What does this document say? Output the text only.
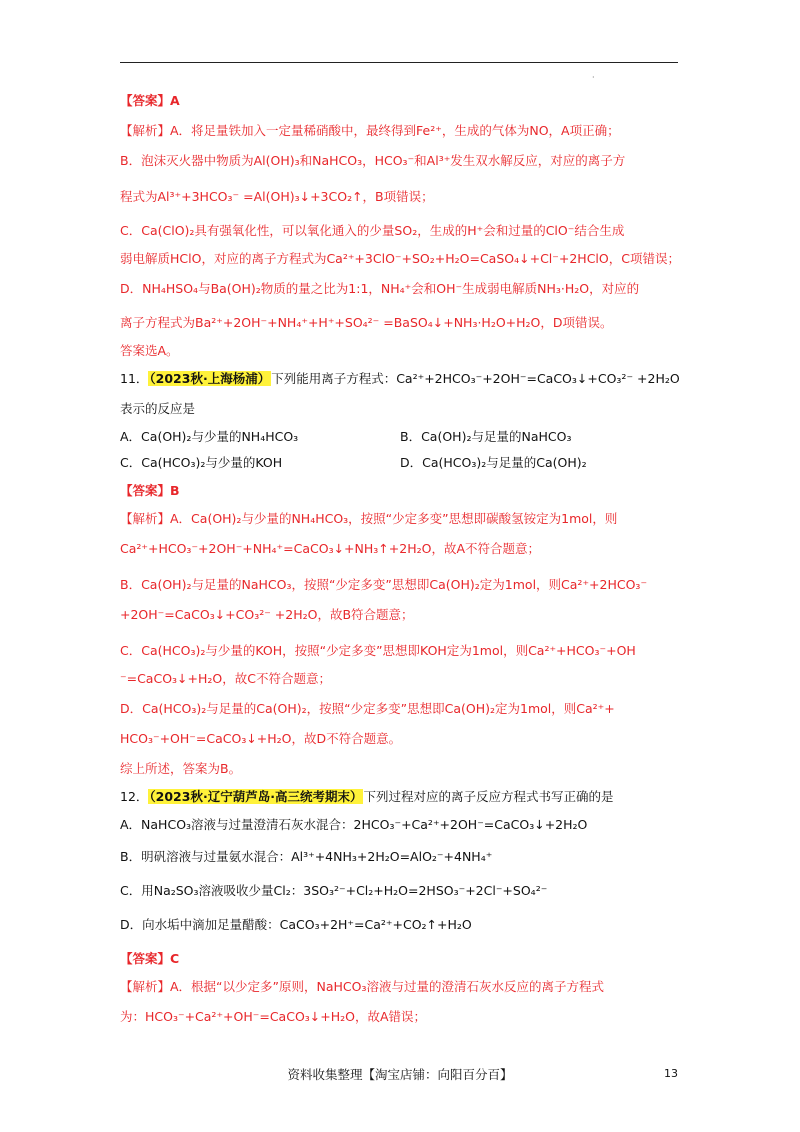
·
【答案】A
【解析】A．将足量铁加入一定量稀硝酸中，最终得到Fe²⁺，生成的气体为NO，A项正确；
B．泡沫灭火器中物质为Al(OH)₃和NaHCO₃，HCO₃⁻和Al³⁺发生双水解反应，对应的离子方
程式为Al³⁺+3HCO₃⁻ =Al(OH)₃↓+3CO₂↑，B项错误；
C．Ca(ClO)₂具有强氧化性，可以氧化通入的少量SO₂，生成的H⁺会和过量的ClO⁻结合生成
弱电解质HClO，对应的离子方程式为Ca²⁺+3ClO⁻+SO₂+H₂O=CaSO₄↓+Cl⁻+2HClO，C项错误；
D．NH₄HSO₄与Ba(OH)₂物质的量之比为1:1，NH₄⁺会和OH⁻生成弱电解质NH₃·H₂O，对应的
离子方程式为Ba²⁺+2OH⁻+NH₄⁺+H⁺+SO₄²⁻ =BaSO₄↓+NH₃·H₂O+H₂O，D项错误。
答案选A。
11．（2023秋·上海杨浦）下列能用离子方程式：Ca²⁺+2HCO₃⁻+2OH⁻=CaCO₃↓+CO₃²⁻ +2H₂O
表示的反应是
A．Ca(OH)₂与少量的NH₄HCO₃	B．Ca(OH)₂与足量的NaHCO₃
C．Ca(HCO₃)₂与少量的KOH	D．Ca(HCO₃)₂与足量的Ca(OH)₂
【答案】B
【解析】A．Ca(OH)₂与少量的NH₄HCO₃，按照“少定多变”思想即碳酸氢铵定为1mol，则
Ca²⁺+HCO₃⁻+2OH⁻+NH₄⁺=CaCO₃↓+NH₃↑+2H₂O，故A不符合题意；
B．Ca(OH)₂与足量的NaHCO₃，按照“少定多变”思想即Ca(OH)₂定为1mol，则Ca²⁺+2HCO₃⁻
+2OH⁻=CaCO₃↓+CO₃²⁻ +2H₂O，故B符合题意；
C．Ca(HCO₃)₂与少量的KOH，按照“少定多变”思想即KOH定为1mol，则Ca²⁺+HCO₃⁻+OH
⁻=CaCO₃↓+H₂O，故C不符合题意；
D．Ca(HCO₃)₂与足量的Ca(OH)₂，按照“少定多变”思想即Ca(OH)₂定为1mol，则Ca²⁺+
HCO₃⁻+OH⁻=CaCO₃↓+H₂O，故D不符合题意。
综上所述，答案为B。
12．（2023秋·辽宁葫芦岛·高三统考期末）下列过程对应的离子反应方程式书写正确的是
A．NaHCO₃溶液与过量澄清石灰水混合：2HCO₃⁻+Ca²⁺+2OH⁻=CaCO₃↓+2H₂O
B．明矾溶液与过量氨水混合：Al³⁺+4NH₃+2H₂O=AlO₂⁻+4NH₄⁺
C．用Na₂SO₃溶液吸收少量Cl₂：3SO₃²⁻+Cl₂+H₂O=2HSO₃⁻+2Cl⁻+SO₄²⁻
D．向水垢中滴加足量醋酸：CaCO₃+2H⁺=Ca²⁺+CO₂↑+H₂O
【答案】C
【解析】A．根据“以少定多”原则，NaHCO₃溶液与过量的澄清石灰水反应的离子方程式
为：HCO₃⁻+Ca²⁺+OH⁻=CaCO₃↓+H₂O，故A错误；
资料收集整理【淘宝店铺：向阳百分百】	13
